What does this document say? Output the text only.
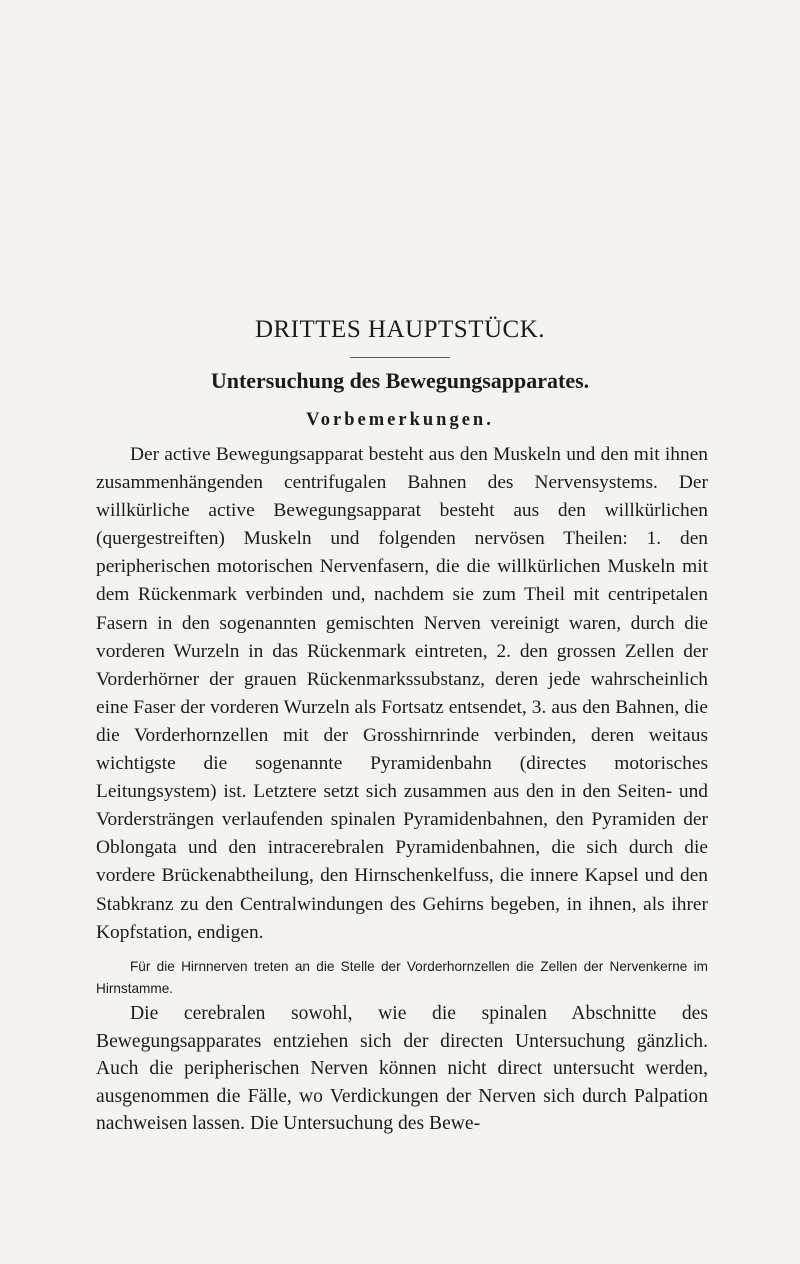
DRITTES HAUPTSTÜCK.
Untersuchung des Bewegungsapparates.
Vorbemerkungen.

Der active Bewegungsapparat besteht aus den Muskeln und den mit ihnen zusammenhängenden centrifugalen Bahnen des Nervensystems. Der willkürliche active Bewegungsapparat besteht aus den willkürlichen (quergestreiften) Muskeln und folgenden nervösen Theilen: 1. den peripherischen motorischen Nervenfasern, die die willkürlichen Muskeln mit dem Rückenmark verbinden und, nachdem sie zum Theil mit centripetalen Fasern in den sogenannten gemischten Nerven vereinigt waren, durch die vorderen Wurzeln in das Rückenmark eintreten, 2. den grossen Zellen der Vorderhörner der grauen Rückenmarkssubstanz, deren jede wahrscheinlich eine Faser der vorderen Wurzeln als Fortsatz entsendet, 3. aus den Bahnen, die die Vorderhornzellen mit der Grosshirnrinde verbinden, deren weitaus wichtigste die sogenannte Pyramidenbahn (directes motorisches Leitungsystem) ist. Letztere setzt sich zusammen aus den in den Seiten- und Vordersträngen verlaufenden spinalen Pyramidenbahnen, den Pyramiden der Oblongata und den intracerebralen Pyramidenbahnen, die sich durch die vordere Brückenabtheilung, den Hirnschenkelfuss, die innere Kapsel und den Stabkranz zu den Centralwindungen des Gehirns begeben, in ihnen, als ihrer Kopfstation, endigen.

Für die Hirnnerven treten an die Stelle der Vorderhornzellen die Zellen der Nervenkerne im Hirnstamme.

Die cerebralen sowohl, wie die spinalen Abschnitte des Bewegungsapparates entziehen sich der directen Untersuchung gänzlich. Auch die peripherischen Nerven können nicht direct untersucht werden, ausgenommen die Fälle, wo Verdickungen der Nerven sich durch Palpation nachweisen lassen. Die Untersuchung des Bewe-
